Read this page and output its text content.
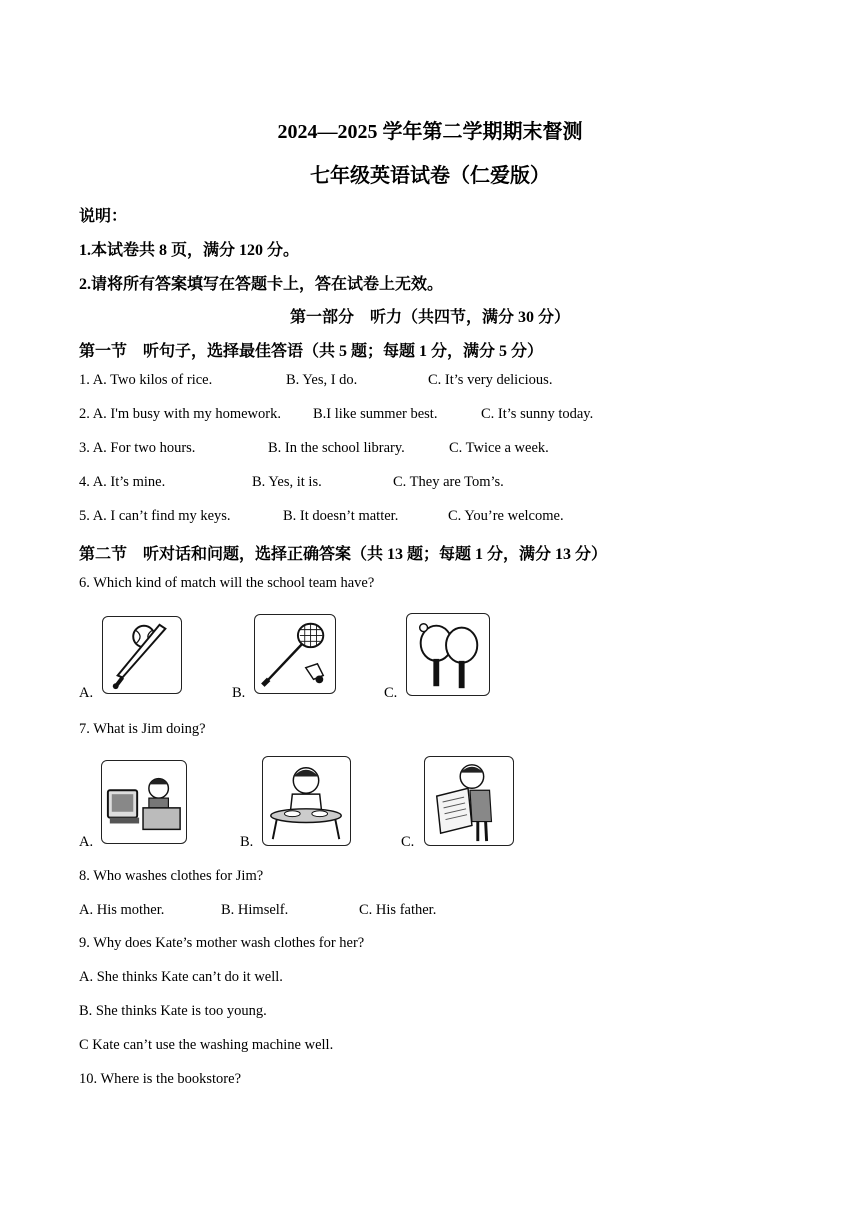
2024—2025 学年第二学期期末督测
七年级英语试卷（仁爱版）
说明：
1.本试卷共 8 页，满分 120 分。
2.请将所有答案填写在答题卡上，答在试卷上无效。
第一部分　听力（共四节，满分 30 分）
第一节　听句子，选择最佳答语（共 5 题；每题 1 分，满分 5 分）
1. A. Two kilos of rice.	B. Yes, I do.	C. It’s very delicious.
2. A. I'm busy with my homework. B.I like summer best.	C. It’s sunny today.
3. A. For two hours.	B. In the school library.	C. Twice a week.
4. A. It’s mine.	B. Yes, it is.	C. They are Tom’s.
5. A. I can’t find my keys.	B. It doesn’t matter.	C. You’re welcome.
第二节　听对话和问题，选择正确答案（共 13 题；每题 1 分，满分 13 分）
6. Which kind of match will the school team have?
A.	B.	C.
7. What is Jim doing?
A.	B.	C.
8. Who washes clothes for Jim?
A. His mother.	B. Himself.	C. His father.
9. Why does Kate’s mother wash clothes for her?
A. She thinks Kate can’t do it well.
B. She thinks Kate is too young.
C Kate can’t use the washing machine well.
10. Where is the bookstore?
